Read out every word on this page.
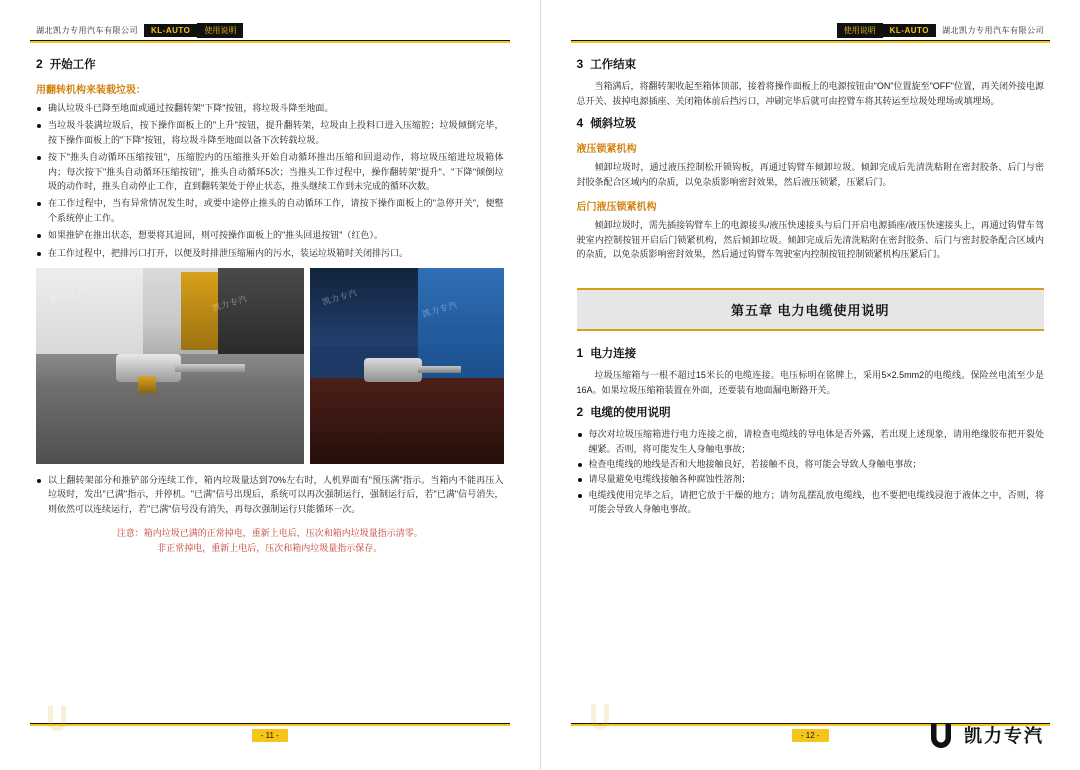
湖北凯力专用汽车有限公司	KL-AUTO	使用说明
2 开始工作
用翻转机构来装载垃圾：
确认垃圾斗已降至地面或通过按翻转架"下降"按钮，将垃圾斗降至地面。
当垃圾斗装满垃圾后，按下操作面板上的"上升"按钮，提升翻转架，垃圾由上投料口进入压缩腔；垃圾倾倒完毕，按下操作面板上的"下降"按钮，将垃圾斗降至地面以备下次转载垃圾。
按下"推头自动循环压缩按钮"，压缩腔内的压缩推头开始自动循环推出压缩和回退动作，将垃圾压缩进垃圾箱体内；每次按下"推头自动循环压缩按钮"，推头自动循环5次；当推头工作过程中，操作翻转架"提升"、"下降"倾倒垃圾的动作时，推头自动停止工作，直到翻转架处于停止状态，推头继续工作到未完成的循环次数。
在工作过程中，当有异常情况发生时，或要中途停止推头的自动循环工作，请按下操作面板上的"急停开关"，便整个系统停止工作。
如果推铲在推出状态，想要将其退回，则可按操作面板上的"推头回退按钮"（红色）。
在工作过程中，把排污口打开，以便及时排泄压缩厢内的污水，装运垃圾箱时关闭排污口。
凯力专汽	凯力专汽	凯力专汽
凯力专汽
以上翻转架部分和推铲部分连续工作，箱内垃圾量达到70%左右时，人机界面有"预压满"指示。当箱内不能再压入垃圾时，发出"已满"指示，并停机。"已满"信号出现后，系统可以再次强制运行，强制运行后，若"已满"信号消失，则依然可以连续运行，若"已满"信号没有消失，再每次强制运行只能循环一次。
注意：箱内垃圾已满的正常掉电，重新上电后，压次和箱内垃圾量指示清零。
非正常掉电，重新上电后，压次和箱内垃圾量指示保存。
- 11 -
湖北凯力专用汽车有限公司
KL-AUTO
使用说明
3 工作结束

当箱满后，将翻转架收起至箱体顶部，接着将操作面板上的电源按钮由"ON"位置旋至"OFF"位置，再关闭外接电源总开关、拔掉电源插座、关闭箱体前后挡污口，冲刷完毕后就可由控臂车将其转运至垃圾处理场或填埋场。

4 倾斜垃圾
液压锁紧机构

倾卸垃圾时，通过液压控制松开锁钩板，再通过钩臂车倾卸垃圾。倾卸完成后先清洗粘附在密封胶条、后门与密封胶条配合区域内的杂质，以免杂质影响密封效果，然后液压锁紧，压紧后门。

后门液压锁紧机构

倾卸垃圾时，需先插接钩臂车上的电源接头/液压快速接头与后门开启电源插座/液压快速接头上，再通过钩臂车驾驶室内控制按钮开启后门锁紧机构，然后倾卸垃圾。倾卸完成后先清洗粘附在密封胶条、后门与密封胶条配合区域内的杂质，以免杂质影响密封效果，然后通过钩臂车驾驶室内控制按钮控制锁紧机构压紧后门。

第五章 电力电缆使用说明
1 电力连接

垃圾压缩箱与一根不超过15米长的电缆连接。电压标明在铭牌上，采用5×2.5mm2的电缆线。保险丝电流至少是16A。如果垃圾压缩箱装置在外面，还要装有地面漏电断路开关。

2 电缆的使用说明
每次对垃圾压缩箱进行电力连接之前，请检查电缆线的导电体是否外露，若出现上述现象，请用绝缘胶布把开裂处缠紧。否则，将可能发生人身触电事故；
检查电缆线的地线是否和大地接触良好，若接触不良，将可能会导致人身触电事故；
请尽量避免电缆线接触各种腐蚀性溶剂；
电缆线使用完毕之后，请把它放于干燥的地方；请勿乱摆乱放电缆线，也不要把电缆线浸泡于液体之中，否则，将可能会导致人身触电事故。
- 12 -	凯力专汽
